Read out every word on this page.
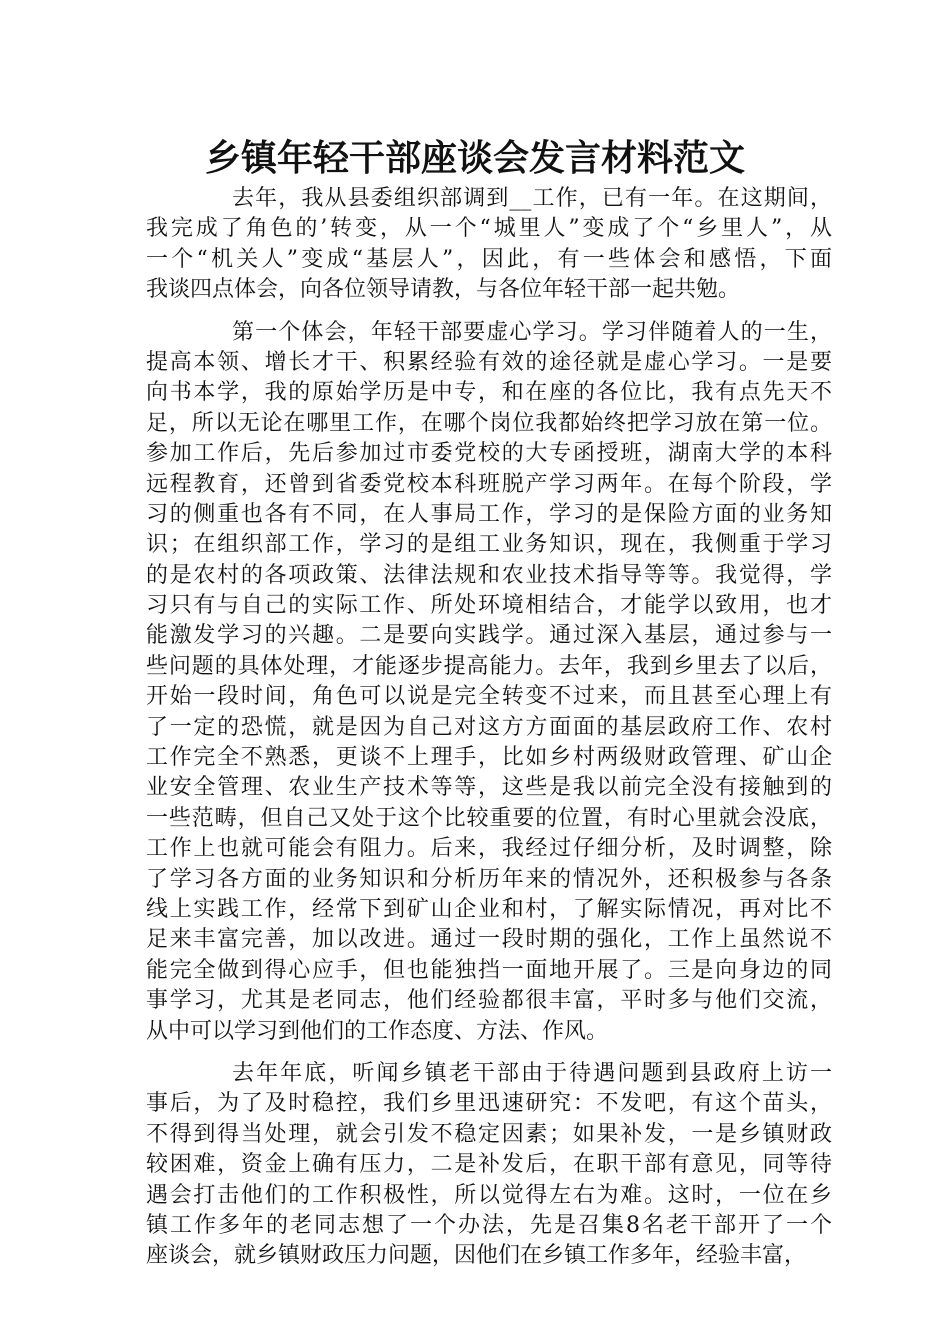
乡镇年轻干部座谈会发言材料范文
去年，我从县委组织部调到__工作，已有一年。在这期间，
我完成了角色的’转变，从一个“城里人”变成了个“乡里人”，从
一个“机关人”变成“基层人”，因此，有一些体会和感悟，下面
我谈四点体会，向各位领导请教，与各位年轻干部一起共勉。
第一个体会，年轻干部要虚心学习。学习伴随着人的一生，
提高本领、增长才干、积累经验有效的途径就是虚心学习。一是要
向书本学，我的原始学历是中专，和在座的各位比，我有点先天不
足，所以无论在哪里工作，在哪个岗位我都始终把学习放在第一位。
参加工作后，先后参加过市委党校的大专函授班，湖南大学的本科
远程教育，还曾到省委党校本科班脱产学习两年。在每个阶段，学
习的侧重也各有不同，在人事局工作，学习的是保险方面的业务知
识；在组织部工作，学习的是组工业务知识，现在，我侧重于学习
的是农村的各项政策、法律法规和农业技术指导等等。我觉得，学
习只有与自己的实际工作、所处环境相结合，才能学以致用，也才
能激发学习的兴趣。二是要向实践学。通过深入基层，通过参与一
些问题的具体处理，才能逐步提高能力。去年，我到乡里去了以后，
开始一段时间，角色可以说是完全转变不过来，而且甚至心理上有
了一定的恐慌，就是因为自己对这方方面面的基层政府工作、农村
工作完全不熟悉，更谈不上理手，比如乡村两级财政管理、矿山企
业安全管理、农业生产技术等等，这些是我以前完全没有接触到的
一些范畴，但自己又处于这个比较重要的位置，有时心里就会没底，
工作上也就可能会有阻力。后来，我经过仔细分析，及时调整，除
了学习各方面的业务知识和分析历年来的情况外，还积极参与各条
线上实践工作，经常下到矿山企业和村，了解实际情况，再对比不
足来丰富完善，加以改进。通过一段时期的强化，工作上虽然说不
能完全做到得心应手，但也能独挡一面地开展了。三是向身边的同
事学习，尤其是老同志，他们经验都很丰富，平时多与他们交流，
从中可以学习到他们的工作态度、方法、作风。
去年年底，听闻乡镇老干部由于待遇问题到县政府上访一
事后，为了及时稳控，我们乡里迅速研究：不发吧，有这个苗头，
不得到得当处理，就会引发不稳定因素；如果补发，一是乡镇财政
较困难，资金上确有压力，二是补发后，在职干部有意见，同等待
遇会打击他们的工作积极性，所以觉得左右为难。这时，一位在乡
镇工作多年的老同志想了一个办法，先是召集8名老干部开了一个
座谈会，就乡镇财政压力问题，因他们在乡镇工作多年，经验丰富，
